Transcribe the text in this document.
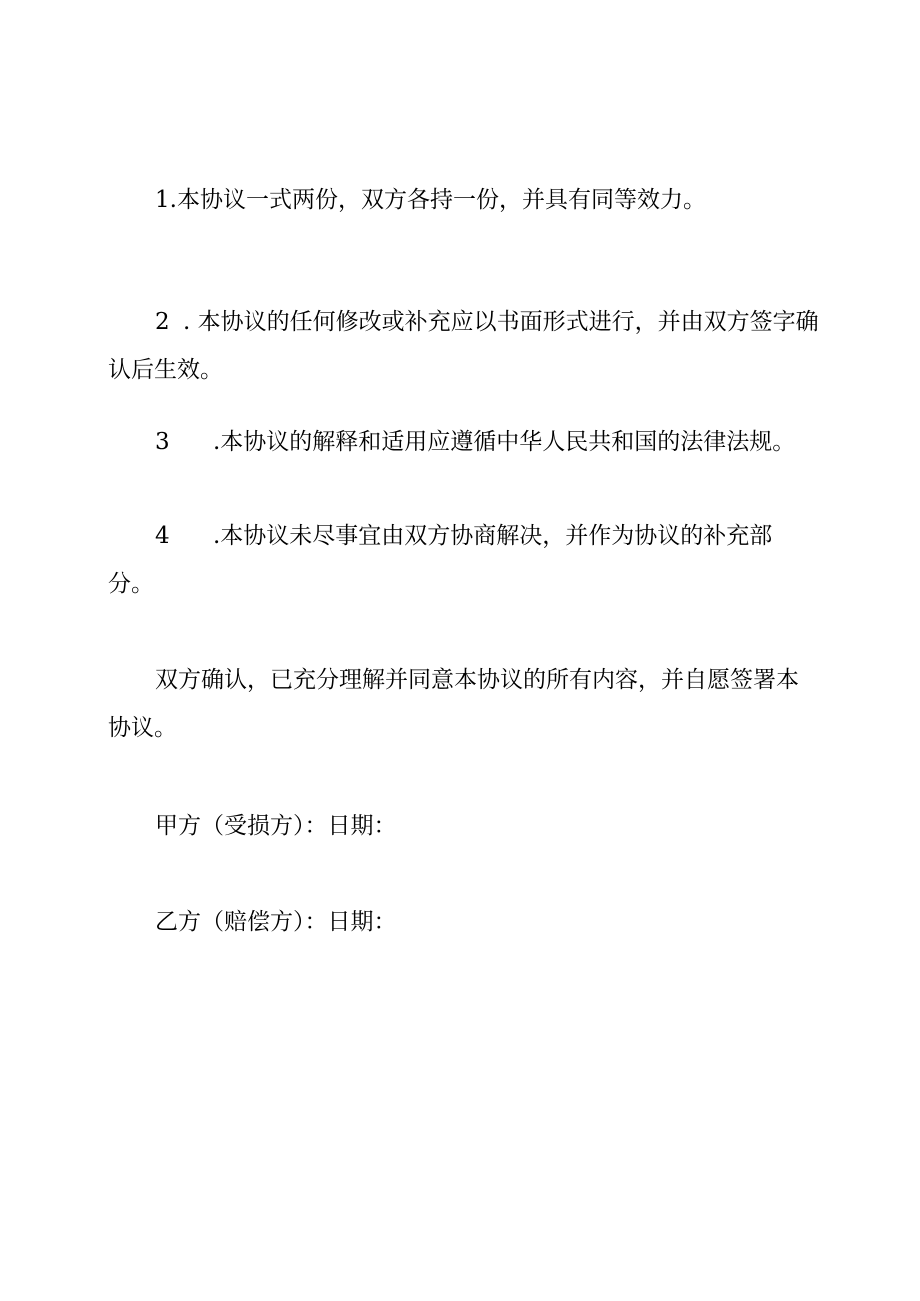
1.本协议一式两份，双方各持一份，并具有同等效力。

2 . 本协议的任何修改或补充应以书面形式进行，并由双方签字确
认后生效。

3 .本协议的解释和适用应遵循中华人民共和国的法律法规。

4 .本协议未尽事宜由双方协商解决，并作为协议的补充部
分。
双方确认，已充分理解并同意本协议的所有内容，并自愿签署本
协议。

甲方（受损方）：日期：

乙方（赔偿方）：日期：
